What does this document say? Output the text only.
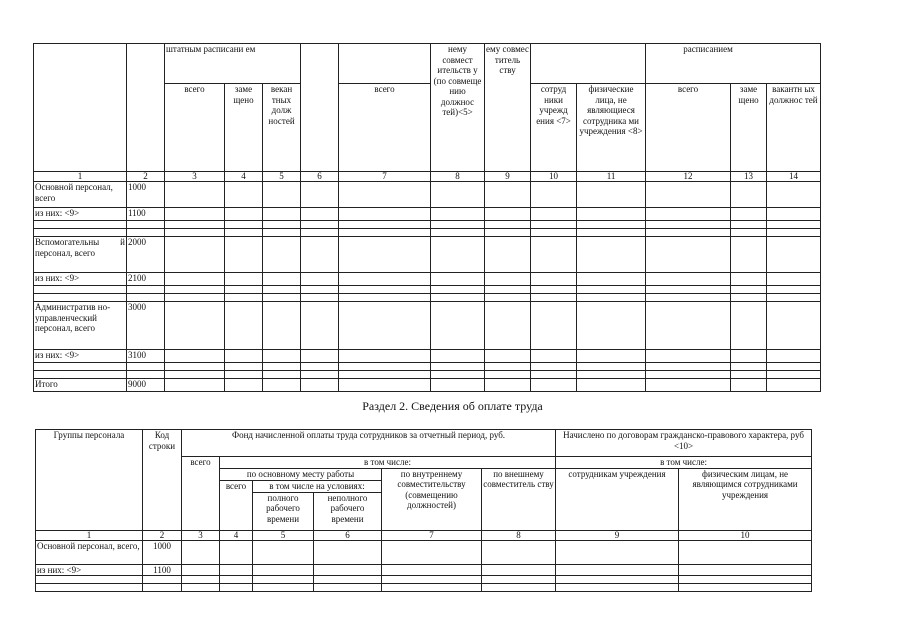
		штатным расписани ем					нему совмест ительств у (по совмеще нию должнос тей)<5>	ему совмес титель ству			расписанием		
		всего	заме щено	векан тных долж ностей		всего			сотруд ники учрежд ения <7>	физические лица, не являющиеся сотрудника ми учреждения <8>	всего	заме щено	вакантн ых должнос тей
1	2	3	4	5	6	7	8	9	10	11	12	13	14
Основной персонал, всего	1000												
из них: <9>	1100												

Вспомогательны й персонал, всего	2000												
из них: <9>	2100												

Административ но-управленческий персонал, всего	3000												
из них: <9>	3100												

Итого	9000												
Раздел 2. Сведения об оплате труда
Группы персонала	Код строки	Фонд начисленной оплаты труда сотрудников за отчетный период, руб.						Начислено по договорам гражданско-правового характера, руб <10>	
		всего	в том числе:					в том числе:	
			по основному месту работы			по внутреннему совместительству (совмещению должностей)	по внешнему совместитель ству	сотрудникам учреждения	физическим лицам, не являющимся сотрудниками учреждения
			всего	в том числе на условиях:					
				полного рабочего времени	неполного рабочего времени				
1	2	3	4	5	6	7	8	9	10
Основной персонал, всего,	1000								
из них: <9>	1100								
